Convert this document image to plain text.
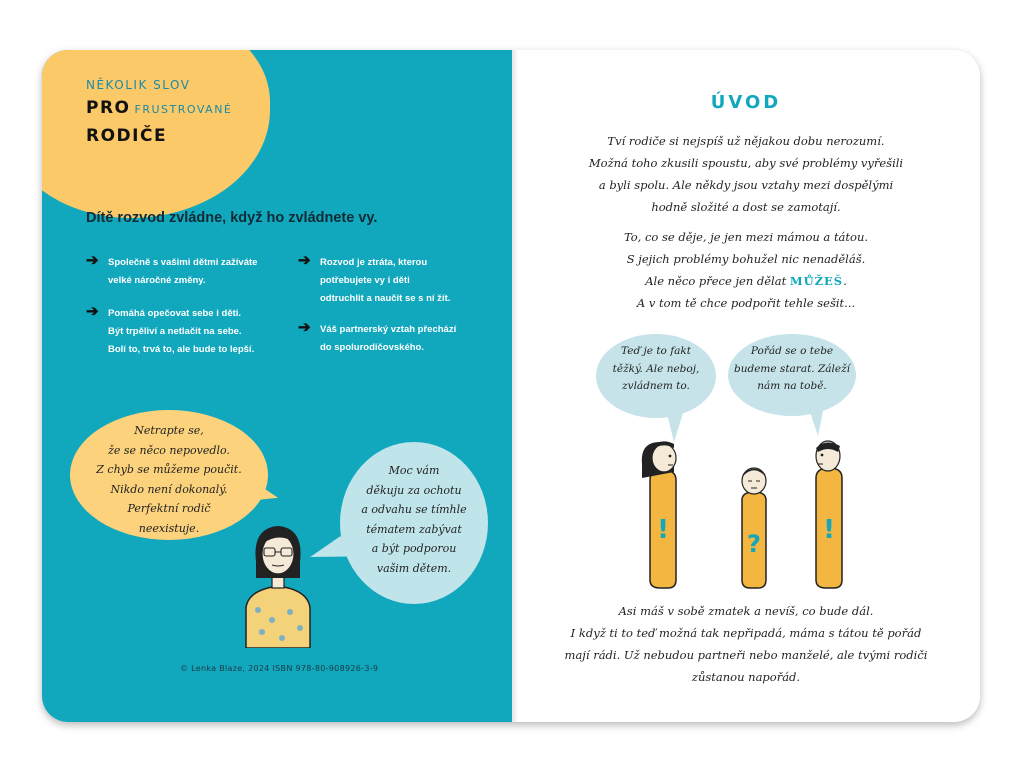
NĚKOLIK SLOV
PRO FRUSTROVANÉ
RODIČE
Dítě rozvod zvládne, když ho zvládnete vy.
➔ Společně s vašimi dětmi zažíváte
velké náročné změny.
➔ Pomáhá opečovat sebe i děti.
Být trpěliví a netlačit na sebe.
Bolí to, trvá to, ale bude to lepší.
➔ Rozvod je ztráta, kterou
potřebujete vy i děti
odtruchlit a naučit se s ní žít.
➔ Váš partnerský vztah přechází
do spolurodičovského.
Netrapte se,
že se něco nepovedlo.
Z chyb se můžeme poučit.
Nikdo není dokonalý.
Perfektní rodič
neexistuje.
Moc vám
děkuju za ochotu
a odvahu se tímhle
tématem zabývat
a být podporou
vašim dětem.
© Lenka Blaze, 2024 ISBN 978-80-908926-3-9
ÚVOD
Tví rodiče si nejspíš už nějakou dobu nerozumí.
Možná toho zkusili spoustu, aby své problémy vyřešili
a byli spolu. Ale někdy jsou vztahy mezi dospělými
hodně složité a dost se zamotají.
To, co se děje, je jen mezi mámou a tátou.
S jejich problémy bohužel nic nenaděláš.
Ale něco přece jen dělat MŮŽEŠ.
A v tom tě chce podpořit tehle sešit...
Teď je to fakt
těžký. Ale neboj,
zvládnem to.
Pořád se o tebe
budeme starat. Záleží
nám na tobě.
!	? !
Asi máš v sobě zmatek a nevíš, co bude dál.
I když ti to teď možná tak nepřipadá, máma s tátou tě pořád
mají rádi. Už nebudou partneři nebo manželé, ale tvými rodiči
zůstanou napořád.
